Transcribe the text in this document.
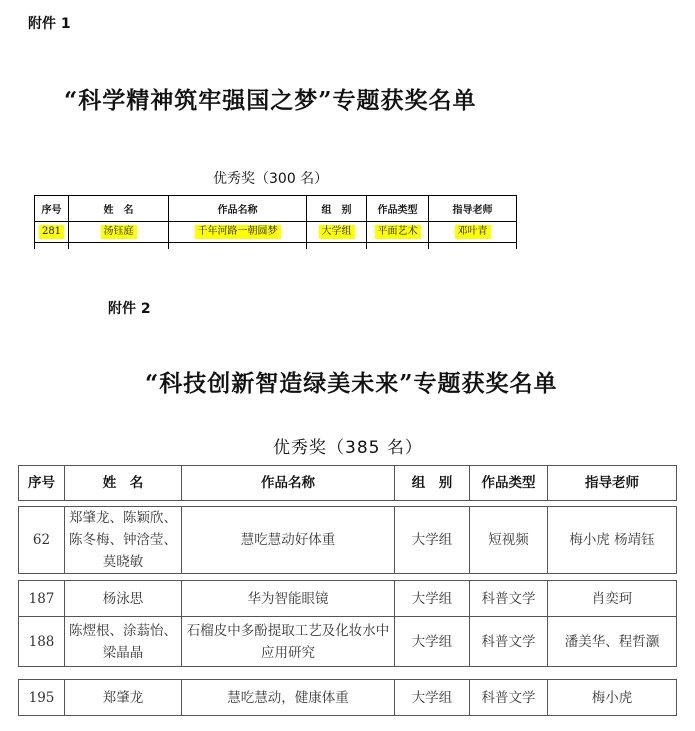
附件 1
“科学精神筑牢强国之梦”专题获奖名单
优秀奖（300 名）
序号	姓　名	作品名称	组　别	作品类型	指导老师
281	汤钰庭	千年河路一朝圆梦	大学组	平面艺术	邓叶青

附件 2
“科技创新智造绿美未来”专题获奖名单
优秀奖（385 名）
序号	姓　名	作品名称	组　别	作品类型	指导老师
62	郑肇龙、陈颖欣、陈冬梅、钟浛莹、莫晓敏	慧吃慧动好体重	大学组	短视频	梅小虎 杨靖钰
187	杨泳思	华为智能眼镜	大学组	科普文学	肖奕珂
188	陈熤根、涂蓊怡、梁晶晶	石榴皮中多酚提取工艺及化妆水中应用研究	大学组	科普文学	潘美华、程哲灏
195	郑肇龙	慧吃慧动，健康体重	大学组	科普文学	梅小虎
